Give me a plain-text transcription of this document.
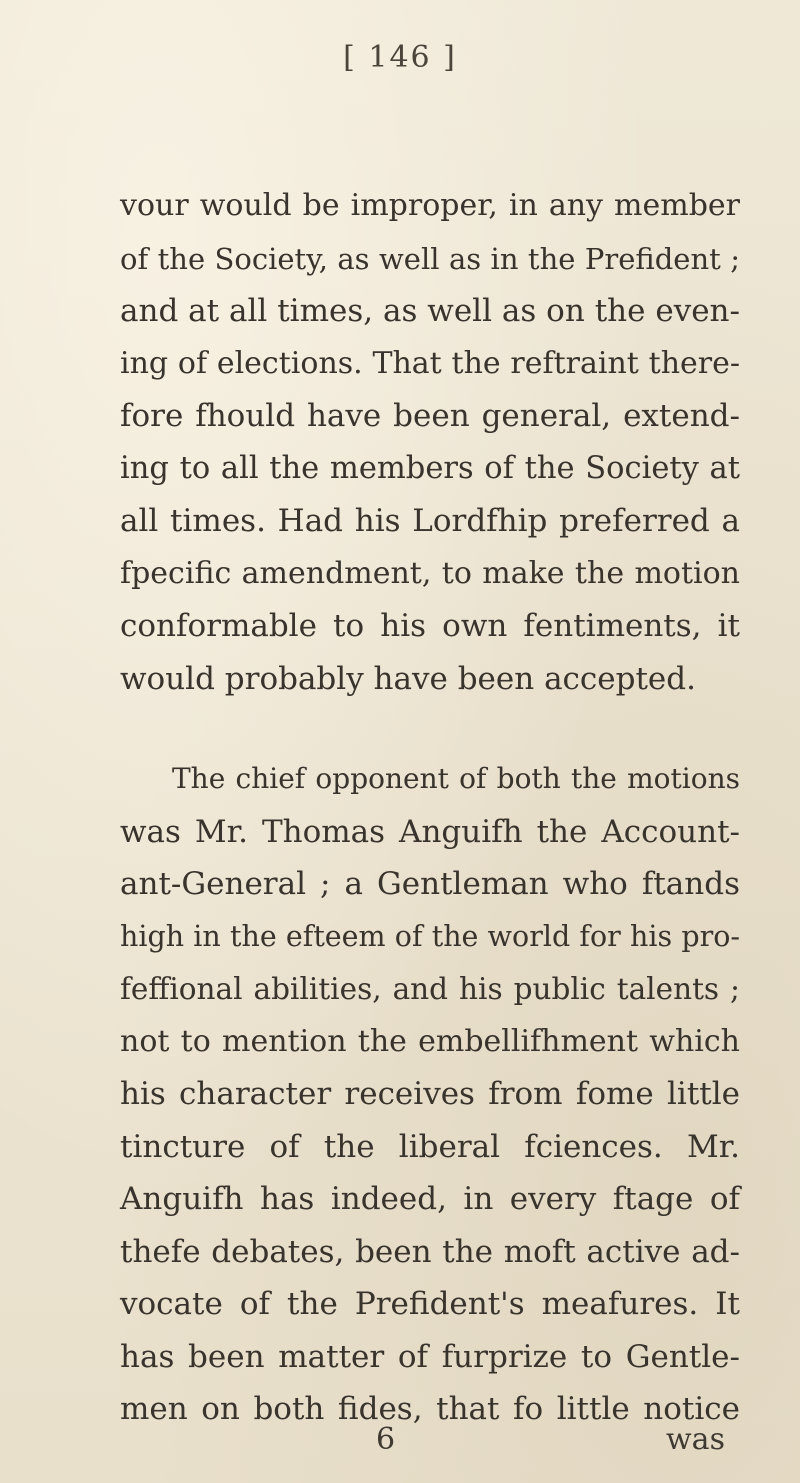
[ 146 ]
vour would be improper, in any member
of the Society, as well as in the Prefident ;
and at all times, as well as on the even-
ing of elections. That the reftraint there-
fore fhould have been general, extend-
ing to all the members of the Society at
all times. Had his Lordfhip preferred a
fpecific amendment, to make the motion
conformable to his own fentiments, it
would probably have been accepted.
The chief opponent of both the motions
was Mr. Thomas Anguifh the Account-
ant-General ; a Gentleman who ftands
high in the efteem of the world for his pro-
feffional abilities, and his public talents ;
not to mention the embellifhment which
his character receives from fome little
tincture of the liberal fciences. Mr.
Anguifh has indeed, in every ftage of
thefe debates, been the moft active ad-
vocate of the Prefident's meafures. It
has been matter of furprize to Gentle-
men on both fides, that fo little notice
6	was
